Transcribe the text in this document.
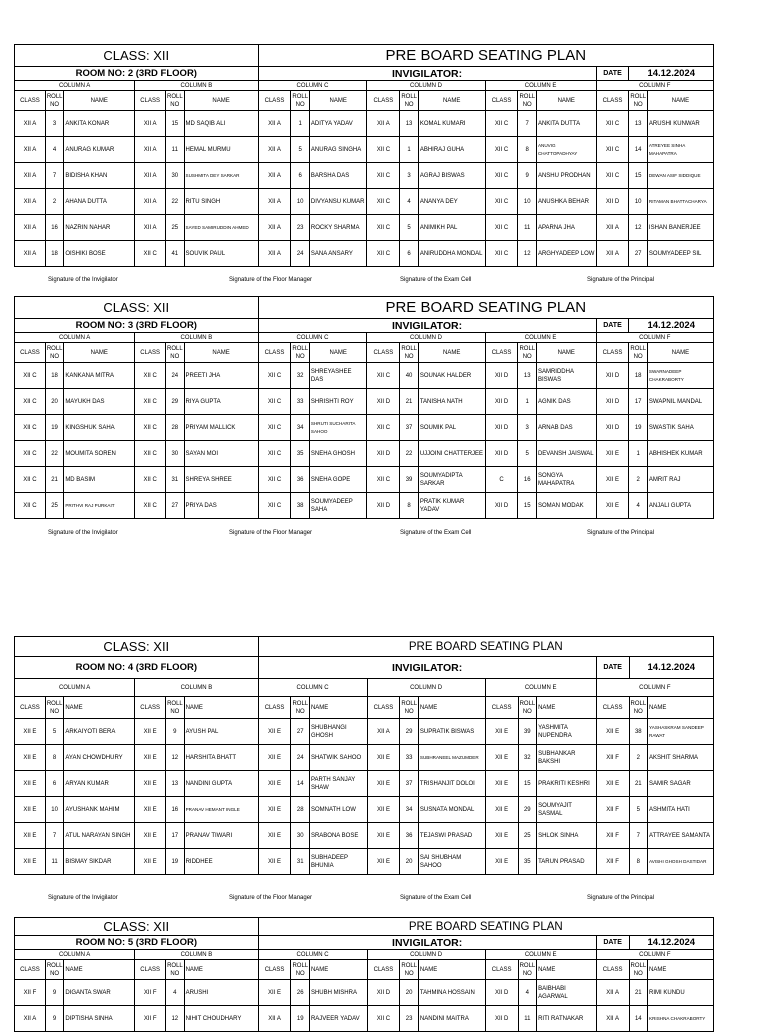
CLASS: XII						PRE BOARD SEATING PLAN											
ROOM NO: 2 (3RD FLOOR)						INVIGILATOR:									DATE	14.12.2024	
COLUMN A			COLUMN B			COLUMN C			COLUMN D			COLUMN E			COLUMN F		
CLASS	ROLL NO	NAME	CLASS	ROLL NO	NAME	CLASS	ROLL NO	NAME	CLASS	ROLL NO	NAME	CLASS	ROLL NO	NAME	CLASS	ROLL NO	NAME
XII A	3	ANKITA KONAR	XII A	15	MD SAQIB ALI	XII A	1	ADITYA YADAV	XII A	13	KOMAL KUMARI	XII C	7	ANKITA DUTTA	XII C	13	ARUSHI KUNWAR
XII A	4	ANURAG KUMAR	XII A	11	HEMAL MURMU	XII A	5	ANURAG SINGHA	XII C	1	ABHIRAJ GUHA	XII C	8	ANUVIG CHATTOPADHYAY	XII C	14	ATREYEE SINHA MAHAPATRA
XII A	7	BIDISHA KHAN	XII A	30	SUSHMITA DEY SARKAR	XII A	6	BARSHA DAS	XII C	3	AGRAJ BISWAS	XII C	9	ANSHU PRODHAN	XII C	15	DEWAN ASIF SIDDIQUE
XII A	2	AHANA DUTTA	XII A	22	RITU SINGH	XII A	10	DIVYANSU KUMAR	XII C	4	ANANYA DEY	XII C	10	ANUSHKA BEHAR	XII D	10	RITAMAN BHATTACHARYA
XII A	16	NAZRIN NAHAR	XII A	25	SAYED SAMIRUDDIN AHMED	XII A	23	ROCKY SHARMA	XII C	5	ANIMIKH PAL	XII C	11	APARNA JHA	XII A	12	ISHAN BANERJEE
XII A	18	OISHIKI BOSE	XII C	41	SOUVIK PAUL	XII A	24	SANA ANSARY	XII C	6	ANIRUDDHA MONDAL	XII C	12	ARGHYADEEP LOW	XII A	27	SOUMYADEEP SIL
Signature of the Invigilator	Signature of the Floor Manager	Signature of the Exam Cell	Signature of the Principal
CLASS: XII						PRE BOARD SEATING PLAN											
ROOM NO: 3 (3RD FLOOR)						INVIGILATOR:									DATE	14.12.2024	
COLUMN A			COLUMN B			COLUMN C			COLUMN D			COLUMN E			COLUMN F		
CLASS	ROLL NO	NAME	CLASS	ROLL NO	NAME	CLASS	ROLL NO	NAME	CLASS	ROLL NO	NAME	CLASS	ROLL NO	NAME	CLASS	ROLL NO	NAME
XII C	18	KANKANA MITRA	XII C	24	PREETI JHA	XII C	32	SHREYASHEE DAS	XII C	40	SOUNAK HALDER	XII D	13	SAMRIDDHA BISWAS	XII D	18	SWARNADEEP CHAKRABORTY
XII C	20	MAYUKH DAS	XII C	29	RIYA GUPTA	XII C	33	SHRISHTI ROY	XII D	21	TANISHA NATH	XII D	1	AGNIK DAS	XII D	17	SWAPNIL MANDAL
XII C	19	KINGSHUK SAHA	XII C	28	PRIYAM MALLICK	XII C	34	SHRUTI SUCHARITA SAHOO	XII C	37	SOUMIK PAL	XII D	3	ARNAB DAS	XII D	19	SWASTIK SAHA
XII C	22	MOUMITA SOREN	XII C	30	SAYAN MOI	XII C	35	SNEHA GHOSH	XII D	22	UJJOINI CHATTERJEE	XII D	5	DEVANSH JAISWAL	XII E	1	ABHISHEK KUMAR
XII C	21	MD BASIM	XII C	31	SHREYA SHREE	XII C	36	SNEHA GOPE	XII C	39	SOUMYADIPTA SARKAR	C	16	SONGYA MAHAPATRA	XII E	2	AMRIT RAJ
XII C	25	PRITHVI RAJ PURKAIT	XII C	27	PRIYA DAS	XII C	38	SOUMYADEEP SAHA	XII D	8	PRATIK KUMAR YADAV	XII D	15	SOMAN MODAK	XII E	4	ANJALI GUPTA
Signature of the Invigilator	Signature of the Floor Manager	Signature of the Exam Cell	Signature of the Principal
CLASS: XII						PRE BOARD SEATING PLAN											
ROOM NO: 4 (3RD FLOOR)						INVIGILATOR:									DATE	14.12.2024	
COLUMN A			COLUMN B			COLUMN C			COLUMN D			COLUMN E			COLUMN F		
CLASS	ROLL NO	NAME	CLASS	ROLL NO	NAME	CLASS	ROLL NO	NAME	CLASS	ROLL NO	NAME	CLASS	ROLL NO	NAME	CLASS	ROLL NO	NAME
XII E	5	ARKAIYOTI BERA	XII E	9	AYUSH PAL	XII E	27	SHUBHANGI GHOSH	XII A	29	SUPRATIK BISWAS	XII E	39	YASHMITA NUPENDRA	XII E	38	YASHASKRAM SANDEEP RAWAT
XII E	8	AYAN CHOWDHURY	XII E	12	HARSHITA BHATT	XII E	24	SHATWIK SAHOO	XII E	33	SUBHRANEEL MAZUMDER	XII E	32	SUBHANKAR BAKSHI	XII F	2	AKSHIT SHARMA
XII E	6	ARYAN KUMAR	XII E	13	NANDINI GUPTA	XII E	14	PARTH SANJAY SHAW	XII E	37	TRISHANJIT DOLOI	XII E	15	PRAKRITI KESHRI	XII E	21	SAMIR SAGAR
XII E	10	AYUSHANK MAHIM	XII E	16	PRANAV HEMANT INGLE	XII E	28	SOMNATH LOW	XII E	34	SUSNATA MONDAL	XII E	29	SOUMYAJIT SASMAL	XII F	5	ASHMITA HATI
XII E	7	ATUL NARAYAN SINGH	XII E	17	PRANAV TIWARI	XII E	30	SRABONA BOSE	XII E	36	TEJASWI PRASAD	XII E	25	SHLOK SINHA	XII F	7	ATTRAYEE SAMANTA
XII E	11	BISMAY SIKDAR	XII E	19	RIDDHEE	XII E	31	SUBHADEEP BHUNIA	XII E	20	SAI SHUBHAM SAHOO	XII E	35	TARUN PRASAD	XII F	8	AVISHI GHOSH DASTIDAR
Signature of the Invigilator	Signature of the Floor Manager	Signature of the Exam Cell	Signature of the Principal
CLASS: XII						PRE BOARD SEATING PLAN											
ROOM NO: 5 (3RD FLOOR)						INVIGILATOR:									DATE	14.12.2024	
COLUMN A			COLUMN B			COLUMN C			COLUMN D			COLUMN E			COLUMN F		
CLASS	ROLL NO	NAME	CLASS	ROLL NO	NAME	CLASS	ROLL NO	NAME	CLASS	ROLL NO	NAME	CLASS	ROLL NO	NAME	CLASS	ROLL NO	NAME
XII F	9	DIGANTA SWAR	XII F	4	ARUSHI	XII E	26	SHUBH MISHRA	XII D	20	TAHMINA HOSSAIN	XII D	4	BAIBHABI AGARWAL	XII A	21	RIMI KUNDU
XII A	9	DIPTISHA SINHA	XII F	12	NIHIT CHOUDHARY	XII A	19	RAJVEER YADAV	XII C	23	NANDINI MAITRA	XII D	11	RITI RATNAKAR	XII A	14	KRISHNA CHAKRABORTY
